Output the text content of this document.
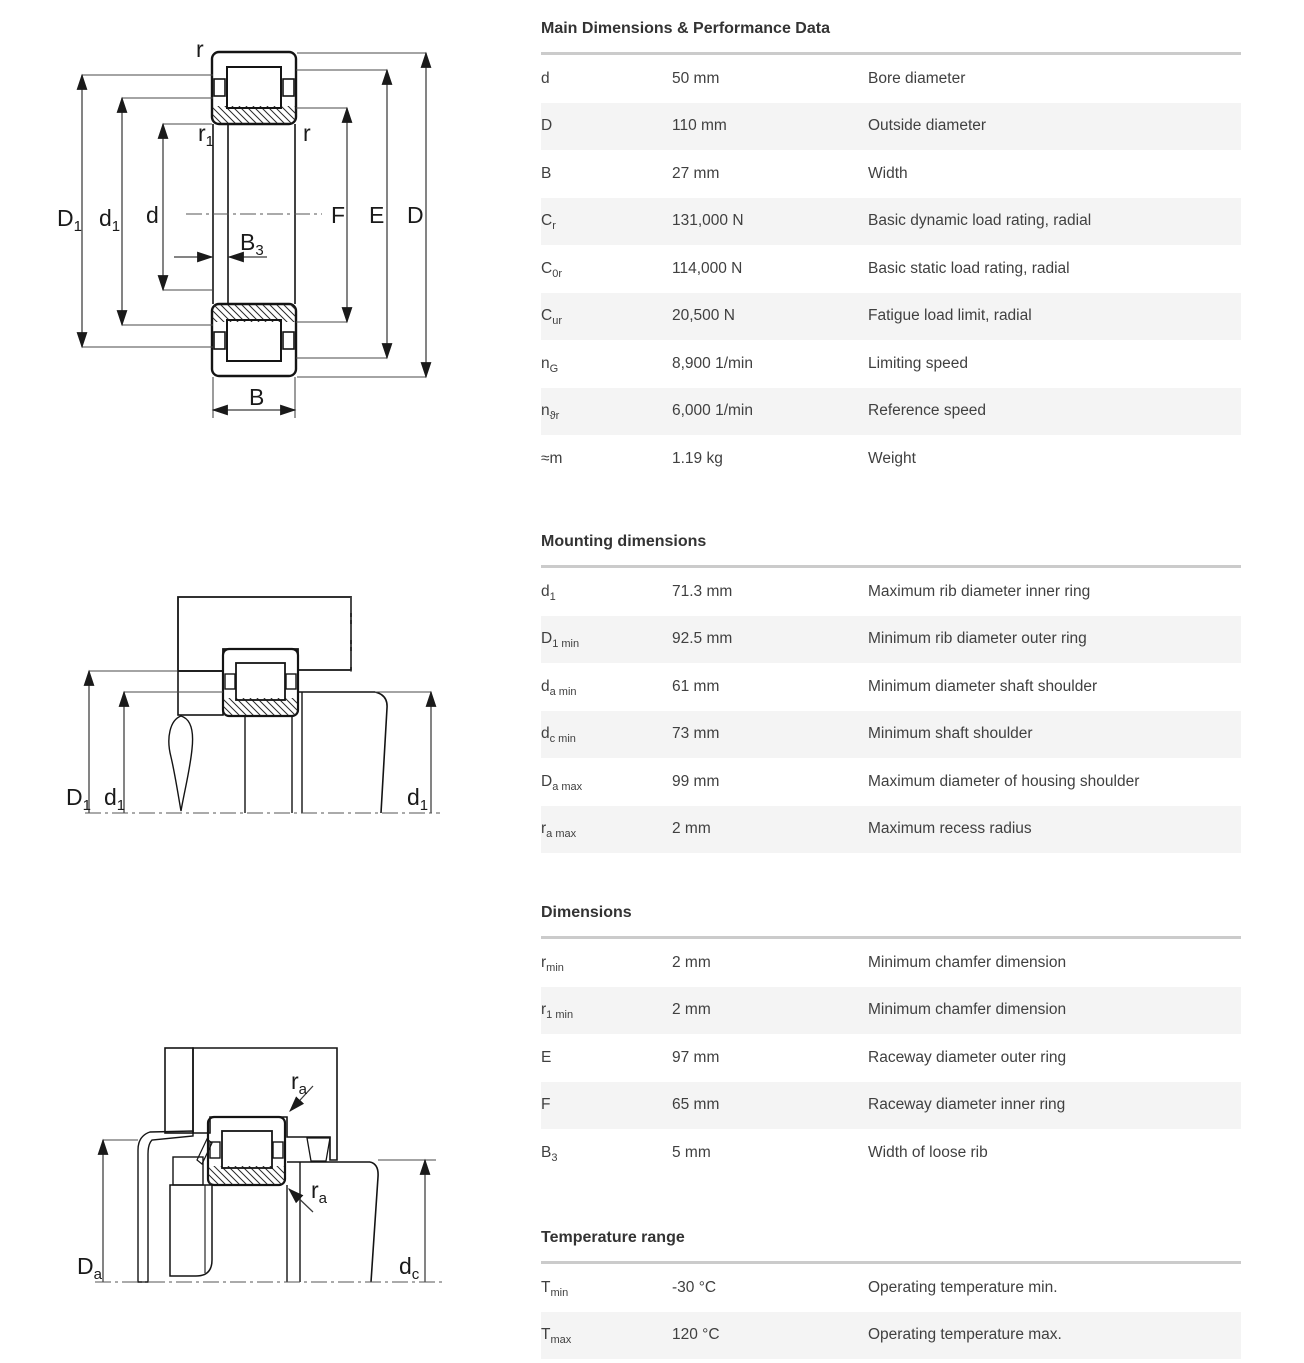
r
$r_1$	r
$D_1$ $d_1$ d
$B_3$
F E D
B
$D_1$ $d_1$	$d_1$
$r_a$
$r_a$
$D_a$	$d_c$
Main Dimensions & Performance Data
d	50 mm	Bore diameter
D	110 mm	Outside diameter
B	27 mm	Width
$C_r$	131,000 N	Basic dynamic load rating, radial
$C_{0r}$	114,000 N	Basic static load rating, radial
$C_{ur}$	20,500 N	Fatigue load limit, radial
$n_G$	8,900 1/min	Limiting speed
$n_{ϑr}$	6,000 1/min	Reference speed
≈m	1.19 kg	Weight
Mounting dimensions
$d_1$	71.3 mm	Maximum rib diameter inner ring
$D_{1 min}$	92.5 mm	Minimum rib diameter outer ring
$d_{a min}$	61 mm	Minimum diameter shaft shoulder
$d_{c min}$	73 mm	Minimum shaft shoulder
$D_{a max}$	99 mm	Maximum diameter of housing shoulder
$r_{a max}$	2 mm	Maximum recess radius
Dimensions
$r_{min}$	2 mm	Minimum chamfer dimension
$r_{1 min}$	2 mm	Minimum chamfer dimension
E	97 mm	Raceway diameter outer ring
F	65 mm	Raceway diameter inner ring
$B_3$	5 mm	Width of loose rib
Temperature range
$T_{min}$	-30 °C	Operating temperature min.
$T_{max}$	120 °C	Operating temperature max.
